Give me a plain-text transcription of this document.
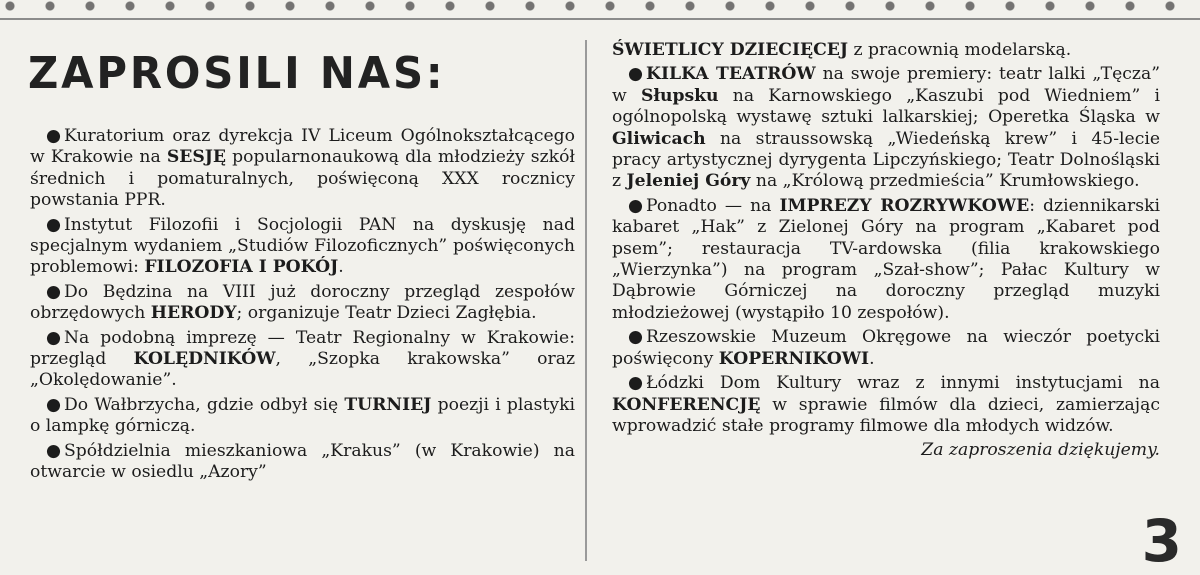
ZAPROSILI NAS:

● Kuratorium oraz dyrekcja IV Liceum Ogólnokształcącego w Krakowie na SESJĘ popularnonaukową dla młodzieży szkół średnich i pomaturalnych, poświęconą XXX rocznicy powstania PPR.

● Instytut Filozofii i Socjologii PAN na dyskusję nad specjalnym wydaniem „Studiów Filozoficznych” poświęconych problemowi: FILOZOFIA I POKÓJ.

● Do Będzina na VIII już doroczny przegląd zespołów obrzędowych HERODY; organizuje Teatr Dzieci Zagłębia.

● Na podobną imprezę — Teatr Regionalny w Krakowie: przegląd KOLĘDNIKÓW, „Szopka krakowska” oraz „Okolędowanie”.

● Do Wałbrzycha, gdzie odbył się TURNIEJ poezji i plastyki o lampkę górniczą.

● Spółdzielnia mieszkaniowa „Krakus” (w Krakowie) na otwarcie w osiedlu „Azory”

ŚWIETLICY DZIECIĘCEJ z pracownią modelarską.

● KILKA TEATRÓW na swoje premiery: teatr lalki „Tęcza” w Słupsku na Karnowskiego „Kaszubi pod Wiedniem” i ogólnopolską wystawę sztuki lalkarskiej; Operetka Śląska w Gliwicach na straussowską „Wiedeńską krew” i 45-lecie pracy artystycznej dyrygenta Lipczyńskiego; Teatr Dolnośląski z Jeleniej Góry na „Królową przedmieścia” Krumłowskiego.

● Ponadto — na IMPREZY ROZRYWKOWE: dziennikarski kabaret „Hak” z Zielonej Góry na program „Kabaret pod psem”; restauracja TV-ardowska (filia krakowskiego „Wierzynka”) na program „Szał-show”; Pałac Kultury w Dąbrowie Górniczej na doroczny przegląd muzyki młodzieżowej (wystąpiło 10 zespołów).

● Rzeszowskie Muzeum Okręgowe na wieczór poetycki poświęcony KOPERNIKOWI.

● Łódzki Dom Kultury wraz z innymi instytucjami na KONFERENCJĘ w sprawie filmów dla dzieci, zamierzając wprowadzić stałe programy filmowe dla młodych widzów.

Za zaproszenia dziękujemy.

3
